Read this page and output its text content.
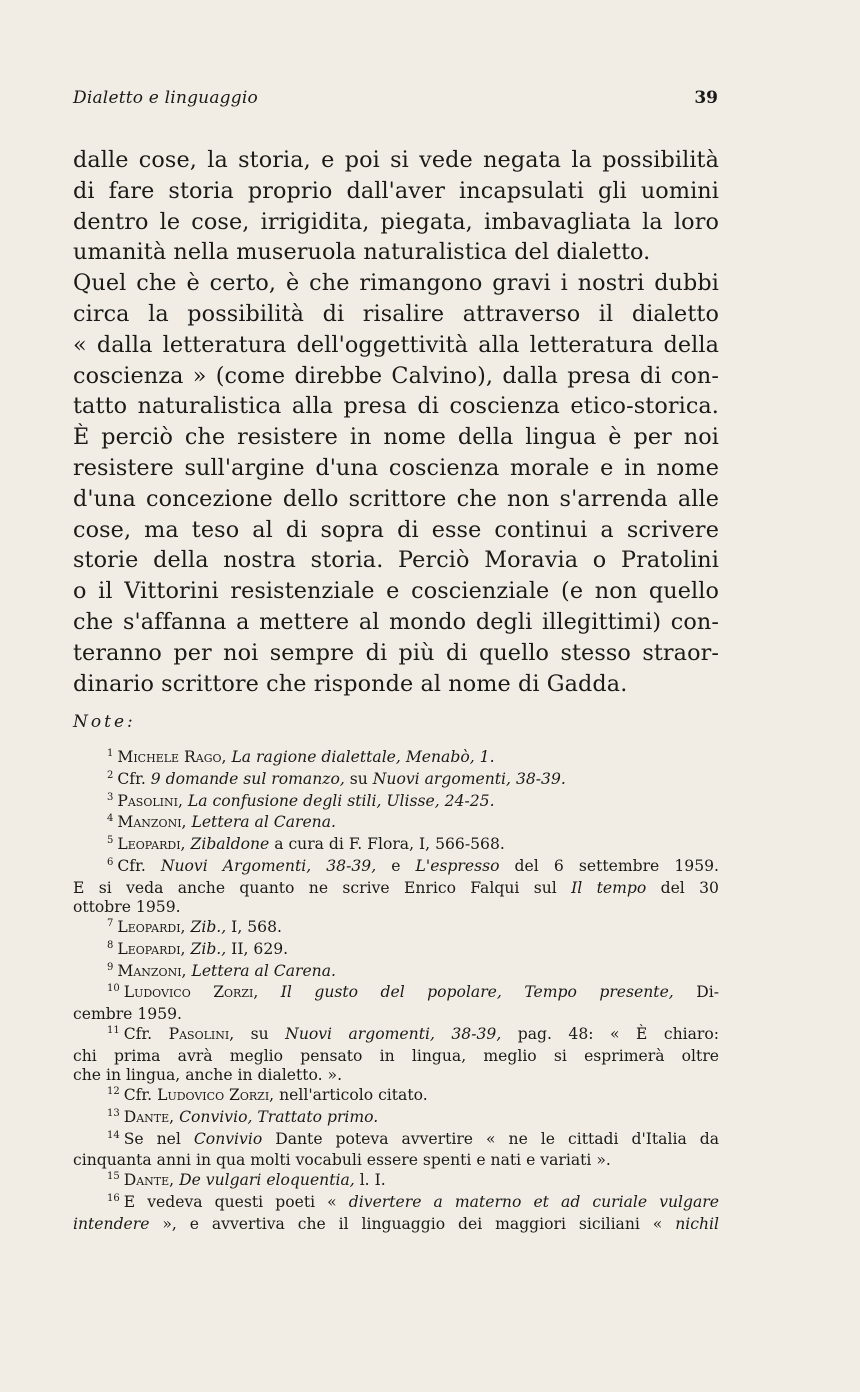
Dialetto e linguaggio	39
dalle cose, la storia, e poi si vede negata la possibilità
di fare storia proprio dall'aver incapsulati gli uomini
dentro le cose, irrigidita, piegata, imbavagliata la loro
umanità nella museruola naturalistica del dialetto.
Quel che è certo, è che rimangono gravi i nostri dubbi
circa la possibilità di risalire attraverso il dialetto
« dalla letteratura dell'oggettività alla letteratura della
coscienza » (come direbbe Calvino), dalla presa di con-
tatto naturalistica alla presa di coscienza etico-storica.
È perciò che resistere in nome della lingua è per noi
resistere sull'argine d'una coscienza morale e in nome
d'una concezione dello scrittore che non s'arrenda alle
cose, ma teso al di sopra di esse continui a scrivere
storie della nostra storia. Perciò Moravia o Pratolini
o il Vittorini resistenziale e coscienziale (e non quello
che s'affanna a mettere al mondo degli illegittimi) con-
teranno per noi sempre di più di quello stesso straor-
dinario scrittore che risponde al nome di Gadda.
Note:
$^1$ Michele Rago, La ragione dialettale, Menabò, 1.
$^2$ Cfr. 9 domande sul romanzo, su Nuovi argomenti, 38-39.
$^3$ Pasolini, La confusione degli stili, Ulisse, 24-25.
$^4$ Manzoni, Lettera al Carena.
$^5$ Leopardi, Zibaldone a cura di F. Flora, I, 566-568.
$^6$ Cfr. Nuovi Argomenti, 38-39, e L'espresso del 6 settembre 1959.
E si veda anche quanto ne scrive Enrico Falqui sul Il tempo del 30
ottobre 1959.
$^7$ Leopardi, Zib., I, 568.
$^8$ Leopardi, Zib., II, 629.
$^9$ Manzoni, Lettera al Carena.
$^{10}$ Ludovico Zorzi, Il gusto del popolare, Tempo presente, Di-
cembre 1959.
$^{11}$ Cfr. Pasolini, su Nuovi argomenti, 38-39, pag. 48: « È chiaro:
chi prima avrà meglio pensato in lingua, meglio si esprimerà oltre
che in lingua, anche in dialetto. ».
$^{12}$ Cfr. Ludovico Zorzi, nell'articolo citato.
$^{13}$ Dante, Convivio, Trattato primo.
$^{14}$ Se nel Convivio Dante poteva avvertire « ne le cittadi d'Italia da
cinquanta anni in qua molti vocabuli essere spenti e nati e variati ».
$^{15}$ Dante, De vulgari eloquentia, l. I.
$^{16}$ E vedeva questi poeti « divertere a materno et ad curiale vulgare
intendere », e avvertiva che il linguaggio dei maggiori siciliani « nichil
